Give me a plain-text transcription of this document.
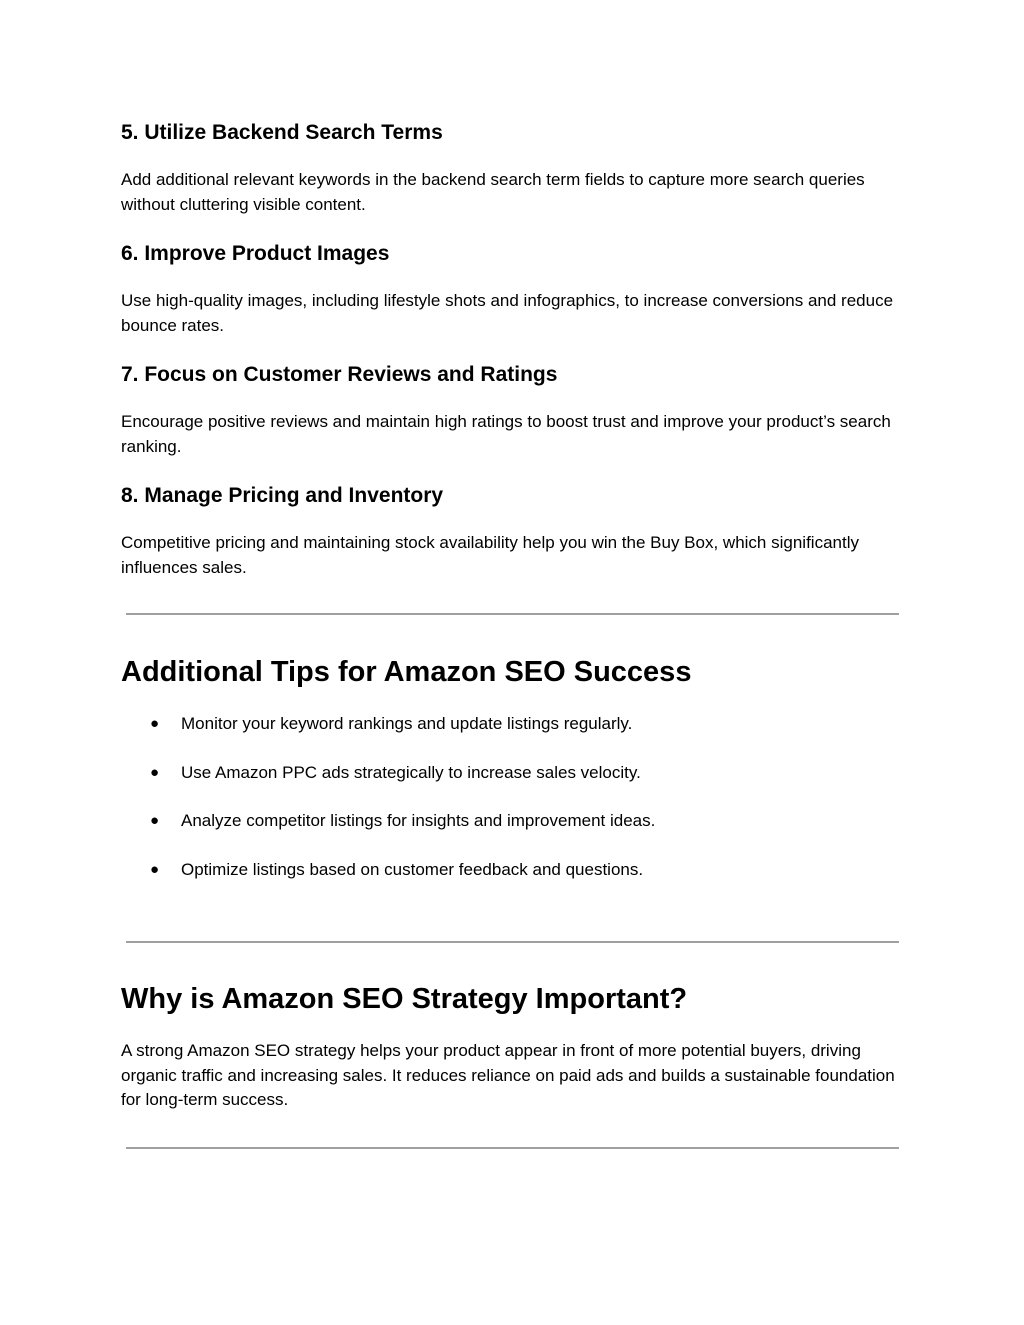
5. Utilize Backend Search Terms

Add additional relevant keywords in the backend search term fields to capture more search queries without cluttering visible content.

6. Improve Product Images

Use high-quality images, including lifestyle shots and infographics, to increase conversions and reduce bounce rates.

7. Focus on Customer Reviews and Ratings

Encourage positive reviews and maintain high ratings to boost trust and improve your product’s search ranking.

8. Manage Pricing and Inventory

Competitive pricing and maintaining stock availability help you win the Buy Box, which significantly influences sales.

Additional Tips for Amazon SEO Success
● Monitor your keyword rankings and update listings regularly.
● Use Amazon PPC ads strategically to increase sales velocity.
● Analyze competitor listings for insights and improvement ideas.
● Optimize listings based on customer feedback and questions.
Why is Amazon SEO Strategy Important?

A strong Amazon SEO strategy helps your product appear in front of more potential buyers, driving organic traffic and increasing sales. It reduces reliance on paid ads and builds a sustainable foundation for long-term success.
